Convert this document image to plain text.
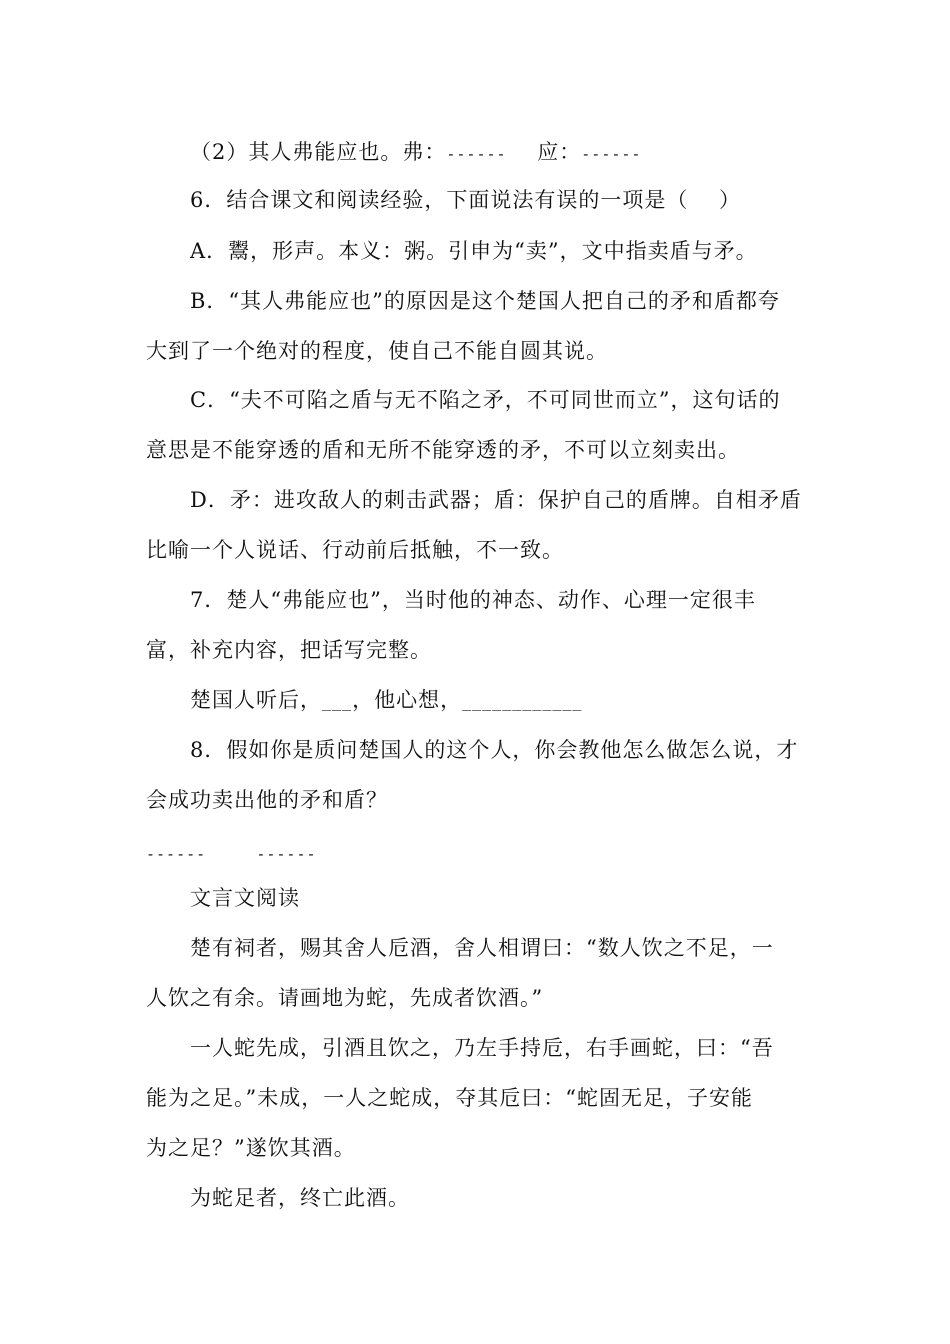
（2）其人弗能应也。弗：------    应：------
6．结合课文和阅读经验，下面说法有误的一项是（    ）
A．鬻，形声。本义：粥。引申为“卖”，文中指卖盾与矛。
B．“其人弗能应也”的原因是这个楚国人把自己的矛和盾都夸
大到了一个绝对的程度，使自己不能自圆其说。
C．“夫不可陷之盾与无不陷之矛，不可同世而立”，这句话的
意思是不能穿透的盾和无所不能穿透的矛，不可以立刻卖出。
D．矛：进攻敌人的刺击武器；盾：保护自己的盾牌。自相矛盾
比喻一个人说话、行动前后抵触，不一致。
7．楚人“弗能应也”，当时他的神态、动作、心理一定很丰
富，补充内容，把话写完整。
楚国人听后，___，他心想，____________
8．假如你是质问楚国人的这个人，你会教他怎么做怎么说，才
会成功卖出他的矛和盾？
------     ------
文言文阅读
楚有祠者，赐其舍人卮酒，舍人相谓曰：“数人饮之不足，一
人饮之有余。请画地为蛇，先成者饮酒。”
一人蛇先成，引酒且饮之，乃左手持卮，右手画蛇，曰：“吾
能为之足。”未成，一人之蛇成，夺其卮曰：“蛇固无足，子安能
为之足？”遂饮其酒。
为蛇足者，终亡此酒。
